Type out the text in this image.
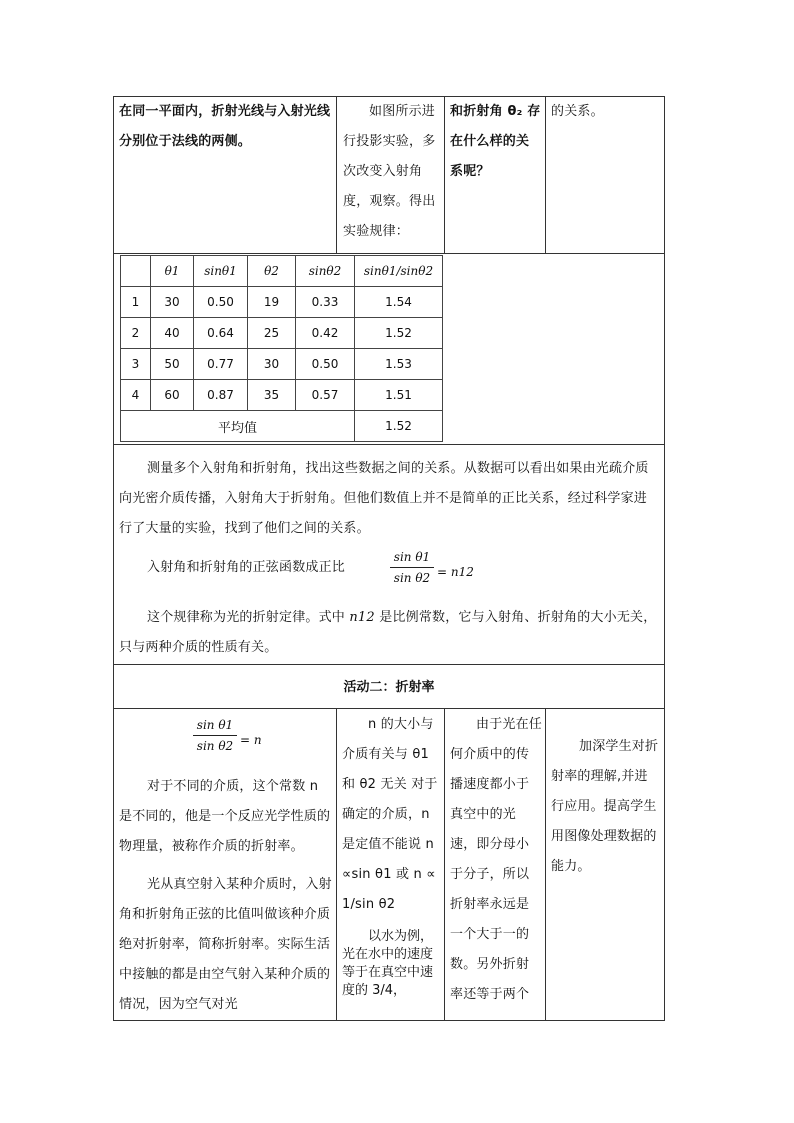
在同一平面内，折射光线与入射光线分别位于法线的两侧。
如图所示进行投影实验，多次改变入射角度，观察。得出实验规律：
和折射角 θ₂ 存在什么样的关系呢？
的关系。
	θ1	sinθ1	θ2	sinθ2	sinθ1/sinθ2
1	30	0.50	19	0.33	1.54
2	40	0.64	25	0.42	1.52
3	50	0.77	30	0.50	1.53
4	60	0.87	35	0.57	1.51
平均值					1.52
测量多个入射角和折射角，找出这些数据之间的关系。从数据可以看出如果由光疏介质向光密介质传播，入射角大于折射角。但他们数值上并不是简单的正比关系，经过科学家进行了大量的实验，找到了他们之间的关系。
入射角和折射角的正弦函数成正比
sin θ1
sin θ2 = n12
这个规律称为光的折射定律。式中 n12 是比例常数，它与入射角、折射角的大小无关，只与两种介质的性质有关。
活动二：折射率
sin θ1
sin θ2 = n
对于不同的介质，这个常数 n 是不同的，他是一个反应光学性质的物理量，被称作介质的折射率。
光从真空射入某种介质时，入射角和折射角正弦的比值叫做该种介质绝对折射率，简称折射率。实际生活中接触的都是由空气射入某种介质的情况，因为空气对光
n 的大小与介质有关与 θ1 和 θ2 无关 对于确定的介质，n 是定值不能说 n ∝sin θ1 或 n ∝ 1/sin θ2
以水为例，光在水中的速度等于在真空中速度的 3/4，
由于光在任何介质中的传播速度都小于真空中的光速，即分母小于分子，所以折射率永远是一个大于一的数。另外折射率还等于两个
加深学生对折射率的理解,并进行应用。提高学生用图像处理数据的能力。
